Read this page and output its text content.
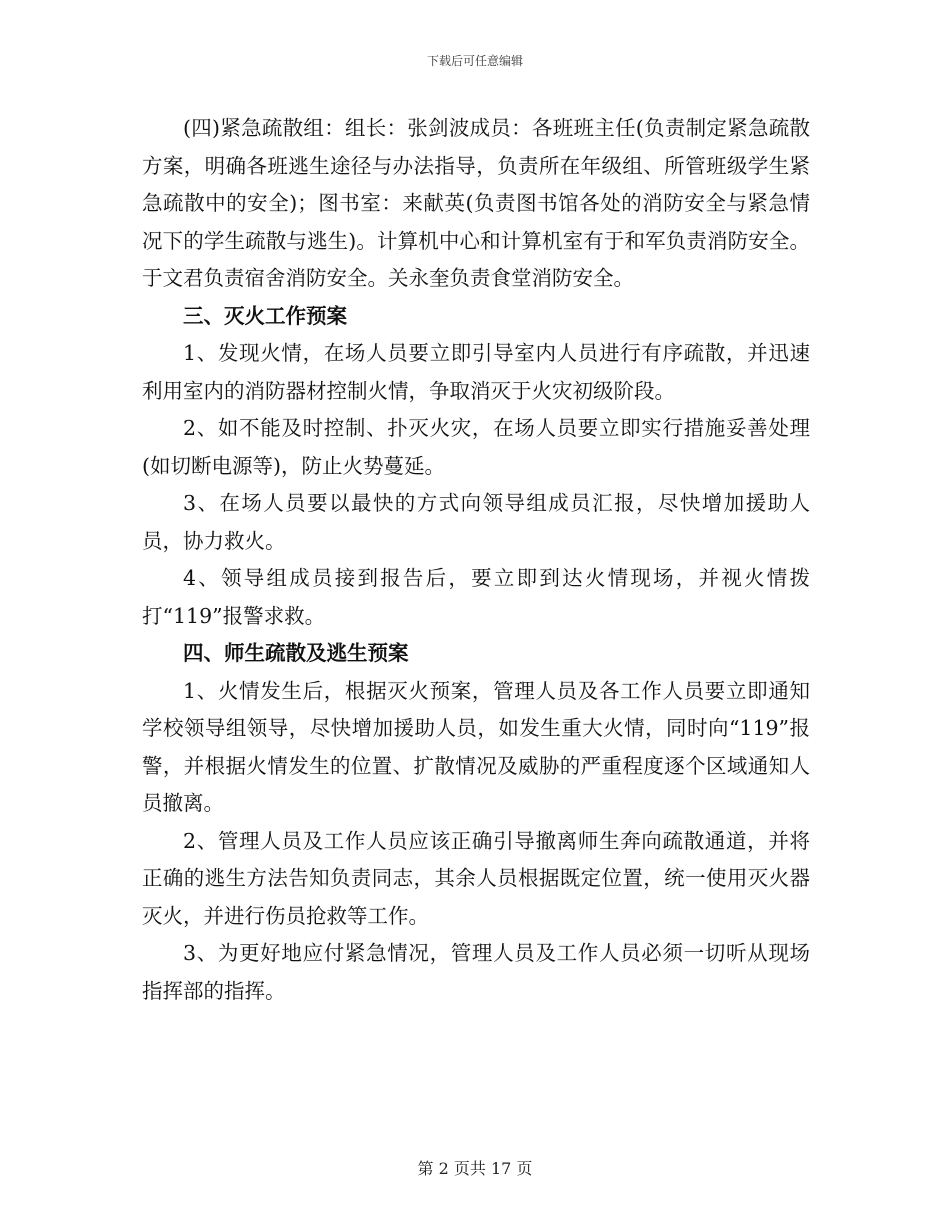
下载后可任意编辑

(四)紧急疏散组：组长：张剑波成员：各班班主任(负责制定紧急疏散方案，明确各班逃生途径与办法指导，负责所在年级组、所管班级学生紧急疏散中的安全)；图书室：来献英(负责图书馆各处的消防安全与紧急情况下的学生疏散与逃生)。计算机中心和计算机室有于和军负责消防安全。于文君负责宿舍消防安全。关永奎负责食堂消防安全。

三、灭火工作预案

1、发现火情，在场人员要立即引导室内人员进行有序疏散，并迅速利用室内的消防器材控制火情，争取消灭于火灾初级阶段。

2、如不能及时控制、扑灭火灾，在场人员要立即实行措施妥善处理(如切断电源等)，防止火势蔓延。

3、在场人员要以最快的方式向领导组成员汇报，尽快增加援助人员，协力救火。

4、领导组成员接到报告后，要立即到达火情现场，并视火情拨打“119”报警求救。

四、师生疏散及逃生预案

1、火情发生后，根据灭火预案，管理人员及各工作人员要立即通知学校领导组领导，尽快增加援助人员，如发生重大火情，同时向“119”报警，并根据火情发生的位置、扩散情况及威胁的严重程度逐个区域通知人员撤离。

2、管理人员及工作人员应该正确引导撤离师生奔向疏散通道，并将正确的逃生方法告知负责同志，其余人员根据既定位置，统一使用灭火器灭火，并进行伤员抢救等工作。

3、为更好地应付紧急情况，管理人员及工作人员必须一切听从现场指挥部的指挥。

第 2 页共 17 页
